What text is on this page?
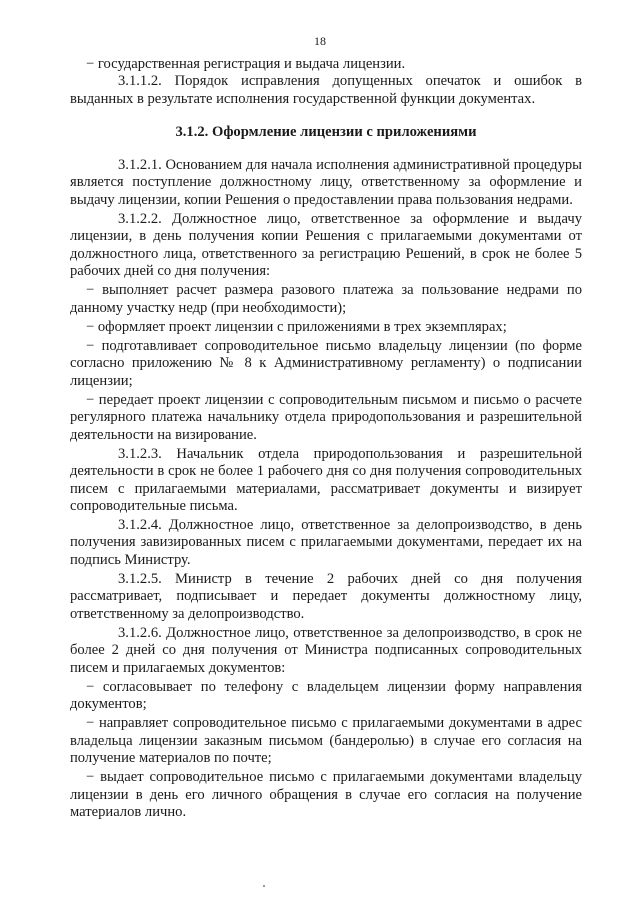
18

− государственная регистрация и выдача лицензии.

3.1.1.2. Порядок исправления допущенных опечаток и ошибок в выданных в результате исполнения государственной функции документах.

3.1.2. Оформление лицензии с приложениями

3.1.2.1. Основанием для начала исполнения административной процедуры является поступление должностному лицу, ответственному за оформление и выдачу лицензии, копии Решения о предоставлении права пользования недрами.

3.1.2.2. Должностное лицо, ответственное за оформление и выдачу лицензии, в день получения копии Решения с прилагаемыми документами от должностного лица, ответственного за регистрацию Решений, в срок не более 5 рабочих дней со дня получения:

− выполняет расчет размера разового платежа за пользование недрами по данному участку недр (при необходимости);

− оформляет проект лицензии с приложениями в трех экземплярах;

− подготавливает сопроводительное письмо владельцу лицензии (по форме согласно приложению № 8 к Административному регламенту) о подписании лицензии;

− передает проект лицензии с сопроводительным письмом и письмо о расчете регулярного платежа начальнику отдела природопользования и разрешительной деятельности на визирование.

3.1.2.3. Начальник отдела природопользования и разрешительной деятельности в срок не более 1 рабочего дня со дня получения сопроводительных писем с прилагаемыми материалами, рассматривает документы и визирует сопроводительные письма.

3.1.2.4. Должностное лицо, ответственное за делопроизводство, в день получения завизированных писем с прилагаемыми документами, передает их на подпись Министру.

3.1.2.5. Министр в течение 2 рабочих дней со дня получения рассматривает, подписывает и передает документы должностному лицу, ответственному за делопроизводство.

3.1.2.6. Должностное лицо, ответственное за делопроизводство, в срок не более 2 дней со дня получения от Министра подписанных сопроводительных писем и прилагаемых документов:

− согласовывает по телефону с владельцем лицензии форму направления документов;

− направляет сопроводительное письмо с прилагаемыми документами в адрес владельца лицензии заказным письмом (бандеролью) в случае его согласия на получение материалов по почте;

− выдает сопроводительное письмо с прилагаемыми документами владельцу лицензии в день его личного обращения в случае его согласия на получение материалов лично.
